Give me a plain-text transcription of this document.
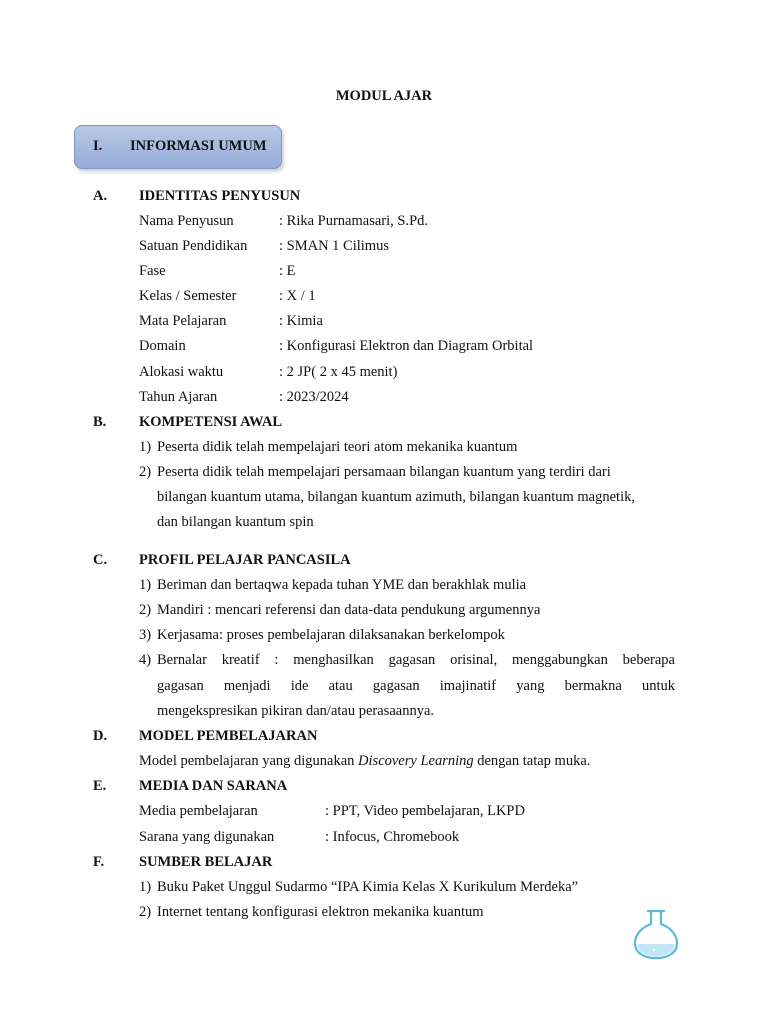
MODUL AJAR
I. INFORMASI UMUM
A. IDENTITAS PENYUSUN
Nama Penyusun	: Rika Purnamasari, S.Pd.
Satuan Pendidikan : SMAN 1 Cilimus
Fase	: E
Kelas / Semester	: X / 1
Mata Pelajaran	: Kimia
Domain	: Konfigurasi Elektron dan Diagram Orbital
Alokasi waktu	: 2 JP( 2 x 45 menit)
Tahun Ajaran	: 2023/2024
B. KOMPETENSI AWAL
1) Peserta didik telah mempelajari teori atom mekanika kuantum
2) Peserta didik telah mempelajari persamaan bilangan kuantum yang terdiri dari
bilangan kuantum utama, bilangan kuantum azimuth, bilangan kuantum magnetik,
dan bilangan kuantum spin
C. PROFIL PELAJAR PANCASILA
1) Beriman dan bertaqwa kepada tuhan YME dan berakhlak mulia
2) Mandiri : mencari referensi dan data-data pendukung argumennya
3) Kerjasama: proses pembelajaran dilaksanakan berkelompok
4) Bernalar kreatif : menghasilkan gagasan orisinal, menggabungkan beberapa
gagasan menjadi ide atau gagasan imajinatif yang bermakna untuk
mengekspresikan pikiran dan/atau perasaannya.
D. MODEL PEMBELAJARAN
Model pembelajaran yang digunakan Discovery Learning dengan tatap muka.
E. MEDIA DAN SARANA
Media pembelajaran	: PPT, Video pembelajaran, LKPD
Sarana yang digunakan	: Infocus, Chromebook
F. SUMBER BELAJAR
1) Buku Paket Unggul Sudarmo “IPA Kimia Kelas X Kurikulum Merdeka”
2) Internet tentang konfigurasi elektron mekanika kuantum
